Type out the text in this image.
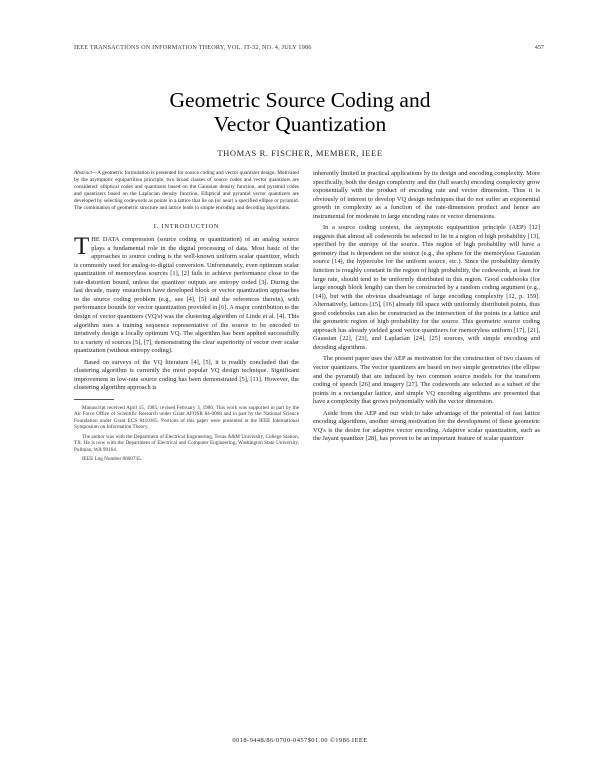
IEEE TRANSACTIONS ON INFORMATION THEORY, VOL. IT-32, NO. 4, JULY 1986	457
Geometric Source Coding and
Vector Quantization
THOMAS R. FISCHER, MEMBER, IEEE
Abstract—A geometric formulation is presented for source coding and vector quantizer design. Motivated by the asymptotic equipartition principle, two broad classes of source codes and vector quantizers are considered: elliptical codes and quantizers based on the Gaussian density function, and pyramid codes and quantizers based on the Laplacian density function. Elliptical and pyramid vector quantizers are developed by selecting codewords as points in a lattice that lie on (or near) a specified ellipse or pyramid. The combination of geometric structure and lattice leads to simple encoding and decoding algorithms.
I. INTRODUCTION

THE DATA compression (source coding or quantization) of an analog source plays a fundamental role in the digital processing of data. Most basic of the approaches to source coding is the well-known uniform scalar quantizer, which is commonly used for analog-to-digital conversion. Unfortunately, even optimum scalar quantization of memoryless sources [1], [2] fails to achieve performance close to the rate-distortion bound, unless the quantizer outputs are entropy coded [3]. During the last decade, many researchers have developed block or vector quantization approaches to the source coding problem (e.g., see [4], [5] and the references therein), with performance bounds for vector quantization provided in [6]. A major contribution to the design of vector quantizers (VQ's) was the clustering algorithm of Linde et al. [4]. This algorithm uses a training sequence representative of the source to be encoded to iteratively design a locally optimum VQ. The algorithm has been applied successfully to a variety of sources [5], [7], demonstrating the clear superiority of vector over scalar quantization (without entropy coding).

Based on surveys of the VQ literature [4], [5], it is readily concluded that the clustering algorithm is currently the most popular VQ design technique. Significant improvement in low-rate source coding has been demonstrated [5], [11]. However, the clustering algorithm approach is

Manuscript received April 15, 1985; revised February 3, 1986. This work was supported in part by the Air Force Office of Scientific Research under Grant AFOSR 84-0008 and in part by the National Science Foundation under Grant ECS 8410365. Portions of this paper were presented at the IEEE International Symposium on Information Theory.

The author was with the Department of Electrical Engineering, Texas A&M University, College Station, TX. He is now with the Department of Electrical and Computer Engineering, Washington State University, Pullman, WA 99164.

IEEE Log Number 8608735.

inherently limited in practical applications by its design and encoding complexity. More specifically, both the design complexity and the (full search) encoding complexity grow exponentially with the product of encoding rate and vector dimension. Thus it is obviously of interest to develop VQ design techniques that do not suffer an exponential growth in complexity as a function of the rate-dimension product and hence are instrumental for moderate to large encoding rates or vector dimensions.

In a source coding context, the asymptotic equipartition principle (AEP) [12] suggests that almost all codewords be selected to lie in a region of high probability [13], specified by the entropy of the source. This region of high probability will have a geometry that is dependent on the source (e.g., the sphere for the memoryless Gaussian source [14], the hypercube for the uniform source, etc.). Since the probability density function is roughly constant in the region of high probability, the codewords, at least for large rate, should tend to be uniformly distributed in this region. Good codebooks (for large enough block length) can then be constructed by a random coding argument (e.g., [14]), but with the obvious disadvantage of large encoding complexity [12, p. 159]. Alternatively, lattices [15], [16] already fill space with uniformly distributed points, thus good codebooks can also be constructed as the intersection of the points in a lattice and the geometric region of high probability for the source. This geometric source coding approach has already yielded good vector quantizers for memoryless uniform [17], [21], Gaussian [22], [23], and Laplacian [24], [25] sources, with simple encoding and decoding algorithms.

The present paper uses the AEP as motivation for the construction of two classes of vector quantizers. The vector quantizers are based on two simple geometries (the ellipse and the pyramid) that are induced by two common source models for the transform coding of speech [26] and imagery [27]. The codewords are selected as a subset of the points in a rectangular lattice, and simple VQ encoding algorithms are presented that have a complexity that grows polynomially with the vector dimension.

Aside from the AEP and our wish to take advantage of the potential of fast lattice encoding algorithms, another strong motivation for the development of these geometric VQ's is the desire for adaptive vector encoding. Adaptive scalar quantization, such as the Jayant quantizer [28], has proven to be an important feature of scalar quantizer

0018-9448/86/0700-0457$01.00 ©1986 IEEE
